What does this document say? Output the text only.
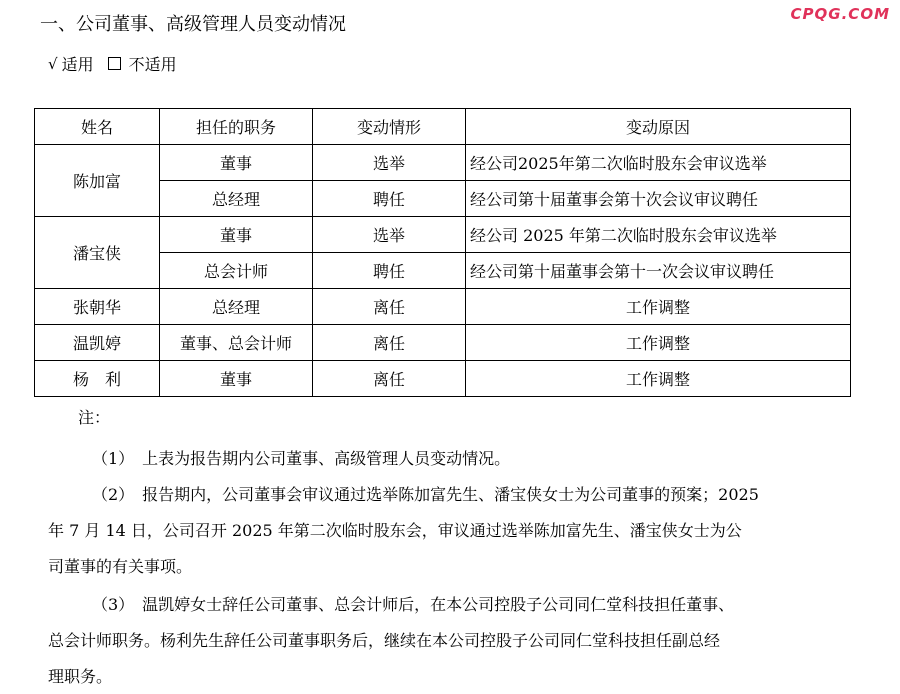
CPQG.COM
一、公司董事、高级管理人员变动情况
√ 适用 不适用
姓名	担任的职务	变动情形	变动原因

陈加富	董事	选举	经公司2025年第二次临时股东会审议选举

	总经理	聘任	经公司第十届董事会第十次会议审议聘任

潘宝侠	董事	选举	经公司 2025 年第二次临时股东会审议选举

	总会计师	聘任	经公司第十届董事会第十一次会议审议聘任

张朝华	总经理	离任	工作调整

温凯婷	董事、总会计师	离任	工作调整

杨　利	董事	离任	工作调整
注：
（1）　上表为报告期内公司董事、高级管理人员变动情况。
（2）　报告期内，公司董事会审议通过选举陈加富先生、潘宝侠女士为公司董事的预案；2025
年 7 月 14 日，公司召开 2025 年第二次临时股东会，审议通过选举陈加富先生、潘宝侠女士为公
司董事的有关事项。
（3）　温凯婷女士辞任公司董事、总会计师后，在本公司控股子公司同仁堂科技担任董事、
总会计师职务。杨利先生辞任公司董事职务后，继续在本公司控股子公司同仁堂科技担任副总经
理职务。
